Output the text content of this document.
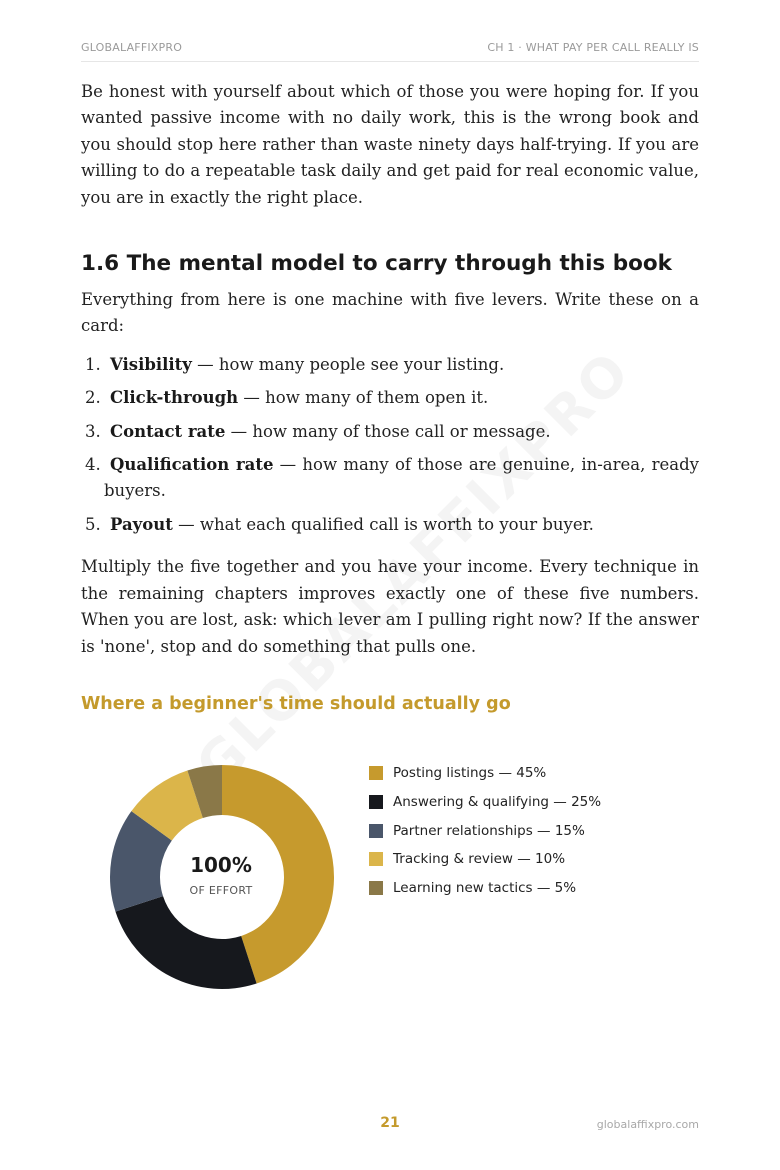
GLOBALAFFIXPRO	CH 1 · WHAT PAY PER CALL REALLY IS

Be honest with yourself about which of those you were hoping for. If you wanted passive income with no daily work, this is the wrong book and you should stop here rather than waste ninety days half-trying. If you are willing to do a repeatable task daily and get paid for real economic value, you are in exactly the right place.

1.6 The mental model to carry through this book

Everything from here is one machine with five levers. Write these on a card:

1. Visibility — how many people see your listing.
2. Click-through — how many of them open it.
3. Contact rate — how many of those call or message.
4. Qualification rate — how many of those are genuine, in-area, ready buyers.
5. Payout — what each qualified call is worth to your buyer.

Multiply the five together and you have your income. Every technique in the remaining chapters improves exactly one of these five numbers. When you are lost, ask: which lever am I pulling right now? If the answer is 'none', stop and do something that pulls one.

Where a beginner's time should actually go
100%
OF EFFORT
Posting listings — 45%
Answering & qualifying — 25%
Partner relationships — 15%
Tracking & review — 10%
Learning new tactics — 5%
21	globalaffixpro.com
